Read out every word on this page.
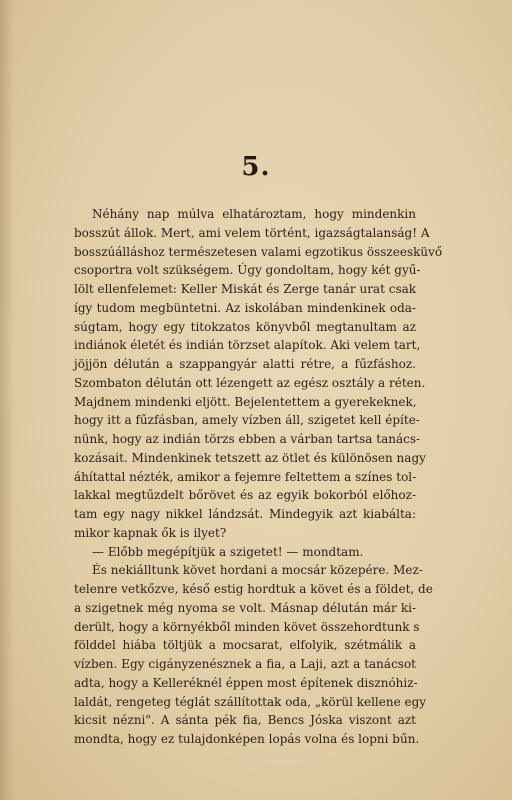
5.

Néhány nap múlva elhatároztam, hogy mindenkin

bosszút állok. Mert, ami velem történt, igazságtalanság! A

bosszúálláshoz természetesen valami egzotikus összeesküvő

csoportra volt szükségem. Úgy gondoltam, hogy két gyű-

lölt ellenfelemet: Keller Miskát és Zerge tanár urat csak

így tudom megbüntetni. Az iskolában mindenkinek oda-

súgtam, hogy egy titokzatos könyvből megtanultam az

indiánok életét és indián törzset alapítok. Aki velem tart,

jöjjön délután a szappangyár alatti rétre, a fűzfáshoz.

Szombaton délután ott lézengett az egész osztály a réten.

Majdnem mindenki eljött. Bejelentettem a gyerekeknek,

hogy itt a fűzfásban, amely vízben áll, szigetet kell építe-

nünk, hogy az indián törzs ebben a várban tartsa tanács-

kozásait. Mindenkinek tetszett az ötlet és különösen nagy

áhítattal nézték, amikor a fejemre feltettem a színes tol-

lakkal megtűzdelt bőrövet és az egyik bokorból előhoz-

tam egy nagy nikkel lándzsát. Mindegyik azt kiabálta:

mikor kapnak ők is ilyet?

— Előbb megépítjük a szigetet! — mondtam.

És nekiálltunk követ hordani a mocsár közepére. Mez-

telenre vetkőzve, késő estig hordtuk a követ és a földet, de

a szigetnek még nyoma se volt. Másnap délután már ki-

derült, hogy a környékből minden követ összehordtunk s

földdel hiába töltjük a mocsarat, elfolyik, szétmálik a

vízben. Egy cigányzenésznek a fia, a Laji, azt a tanácsot

adta, hogy a Kelleréknél éppen most építenek disznóhiz-

laldát, rengeteg téglát szállítottak oda, „körül kellene egy

kicsit nézni". A sánta pék fia, Bencs Jóska viszont azt

mondta, hogy ez tulajdonképen lopás volna és lopni bűn.
